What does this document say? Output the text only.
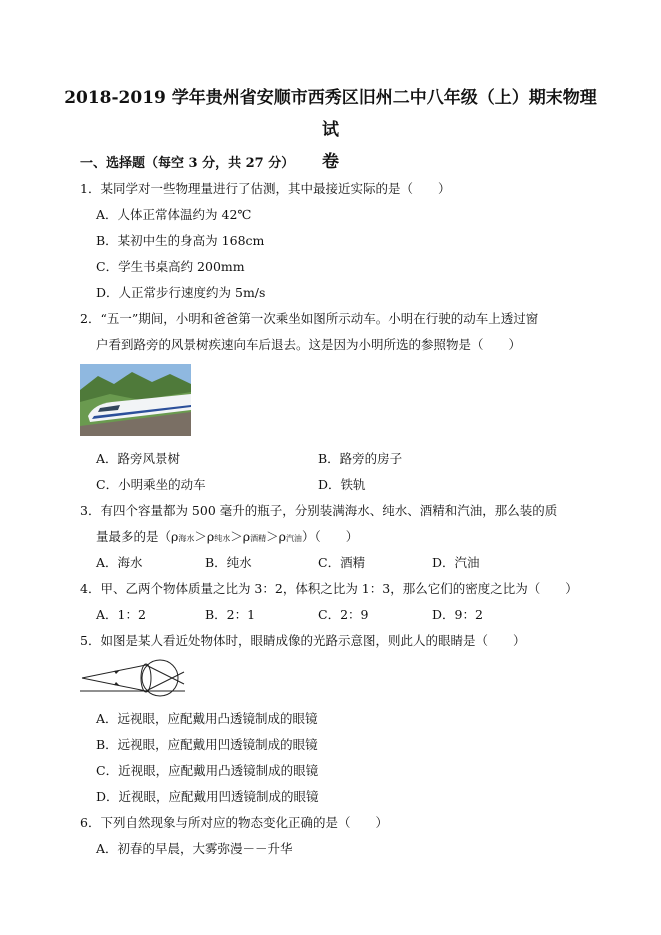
2018-2019 学年贵州省安顺市西秀区旧州二中八年级（上）期末物理试
卷
一、选择题（每空 3 分，共 27 分）
1．某同学对一些物理量进行了估测，其中最接近实际的是（　　）
A．人体正常体温约为 42℃
B．某初中生的身高为 168cm
C．学生书桌高约 200mm
D．人正常步行速度约为 5m/s
2．“五一”期间，小明和爸爸第一次乘坐如图所示动车。小明在行驶的动车上透过窗
户看到路旁的风景树疾速向车后退去。这是因为小明所选的参照物是（　　）
A．路旁风景树	B．路旁的房子
C．小明乘坐的动车	D．铁轨
3．有四个容量都为 500 毫升的瓶子，分别装满海水、纯水、酒精和汽油，那么装的质
量最多的是（ρ海水＞ρ纯水＞ρ酒精＞ρ汽油）（　　）
A．海水	B．纯水	C．酒精	D．汽油
4．甲、乙两个物体质量之比为 3：2，体积之比为 1：3，那么它们的密度之比为（　　）
A．1：2	B．2：1	C．2：9	D．9：2
5．如图是某人看近处物体时，眼睛成像的光路示意图，则此人的眼睛是（　　）
A．远视眼，应配戴用凸透镜制成的眼镜
B．远视眼，应配戴用凹透镜制成的眼镜
C．近视眼，应配戴用凸透镜制成的眼镜
D．近视眼，应配戴用凹透镜制成的眼镜
6．下列自然现象与所对应的物态变化正确的是（　　）
A．初春的早晨，大雾弥漫－－升华
